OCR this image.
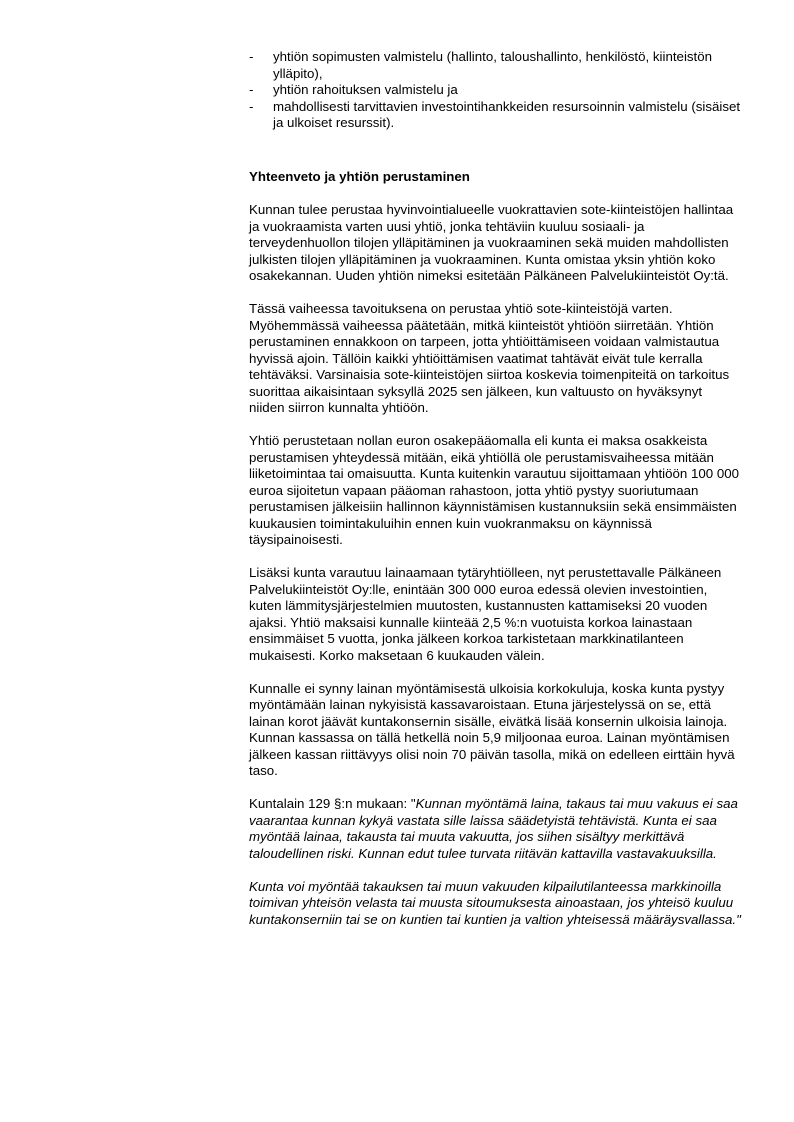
- yhtiön sopimusten valmistelu (hallinto, taloushallinto, henkilöstö, kiinteistön ylläpito),
- yhtiön rahoituksen valmistelu ja
- mahdollisesti tarvittavien investointihankkeiden resursoinnin valmistelu (sisäiset ja ulkoiset resurssit).
Yhteenveto ja yhtiön perustaminen

Kunnan tulee perustaa hyvinvointialueelle vuokrattavien sote-kiinteistöjen hallintaa ja vuokraamista varten uusi yhtiö, jonka tehtäviin kuuluu sosiaali- ja terveydenhuollon tilojen ylläpitäminen ja vuokraaminen sekä muiden mahdollisten julkisten tilojen ylläpitäminen ja vuokraaminen. Kunta omistaa yksin yhtiön koko osakekannan. Uuden yhtiön nimeksi esitetään Pälkäneen Palvelukiinteistöt Oy:tä.

Tässä vaiheessa tavoituksena on perustaa yhtiö sote-kiinteistöjä varten. Myöhemmässä vaiheessa päätetään, mitkä kiinteistöt yhtiöön siirretään. Yhtiön perustaminen ennakkoon on tarpeen, jotta yhtiöittämiseen voidaan valmistautua hyvissä ajoin. Tällöin kaikki yhtiöittämisen vaatimat tahtävät eivät tule kerralla tehtäväksi. Varsinaisia sote-kiinteistöjen siirtoa koskevia toimenpiteitä on tarkoitus suorittaa aikaisintaan syksyllä 2025 sen jälkeen, kun valtuusto on hyväksynyt niiden siirron kunnalta yhtiöön.

Yhtiö perustetaan nollan euron osakepääomalla eli kunta ei maksa osakkeista perustamisen yhteydessä mitään, eikä yhtiöllä ole perustamisvaiheessa mitään liiketoimintaa tai omaisuutta. Kunta kuitenkin varautuu sijoittamaan yhtiöön 100 000 euroa sijoitetun vapaan pääoman rahastoon, jotta yhtiö pystyy suoriutumaan perustamisen jälkeisiin hallinnon käynnistämisen kustannuksiin sekä ensimmäisten kuukausien toimintakuluihin ennen kuin vuokranmaksu on käynnissä täysipainoisesti.

Lisäksi kunta varautuu lainaamaan tytäryhtiölleen, nyt perustettavalle Pälkäneen Palvelukiinteistöt Oy:lle, enintään 300 000 euroa edessä olevien investointien, kuten lämmitysjärjestelmien muutosten, kustannusten kattamiseksi 20 vuoden ajaksi. Yhtiö maksaisi kunnalle kiinteää 2,5 %:n vuotuista korkoa lainastaan ensimmäiset 5 vuotta, jonka jälkeen korkoa tarkistetaan markkinatilanteen mukaisesti. Korko maksetaan 6 kuukauden välein.

Kunnalle ei synny lainan myöntämisestä ulkoisia korkokuluja, koska kunta pystyy myöntämään lainan nykyisistä kassavaroistaan. Etuna järjestelyssä on se, että lainan korot jäävät kuntakonsernin sisälle, eivätkä lisää konsernin ulkoisia lainoja. Kunnan kassassa on tällä hetkellä noin 5,9 miljoonaa euroa. Lainan myöntämisen jälkeen kassan riittävyys olisi noin 70 päivän tasolla, mikä on edelleen eirttäin hyvä taso.

Kuntalain 129 §:n mukaan: "Kunnan myöntämä laina, takaus tai muu vakuus ei saa vaarantaa kunnan kykyä vastata sille laissa säädetyistä tehtävistä. Kunta ei saa myöntää lainaa, takausta tai muuta vakuutta, jos siihen sisältyy merkittävä taloudellinen riski. Kunnan edut tulee turvata riitävän kattavilla vastavakuuksilla.

Kunta voi myöntää takauksen tai muun vakuuden kilpailutilanteessa markkinoilla toimivan yhteisön velasta tai muusta sitoumuksesta ainoastaan, jos yhteisö kuuluu kuntakonserniin tai se on kuntien tai kuntien ja valtion yhteisessä määräysvallassa."
